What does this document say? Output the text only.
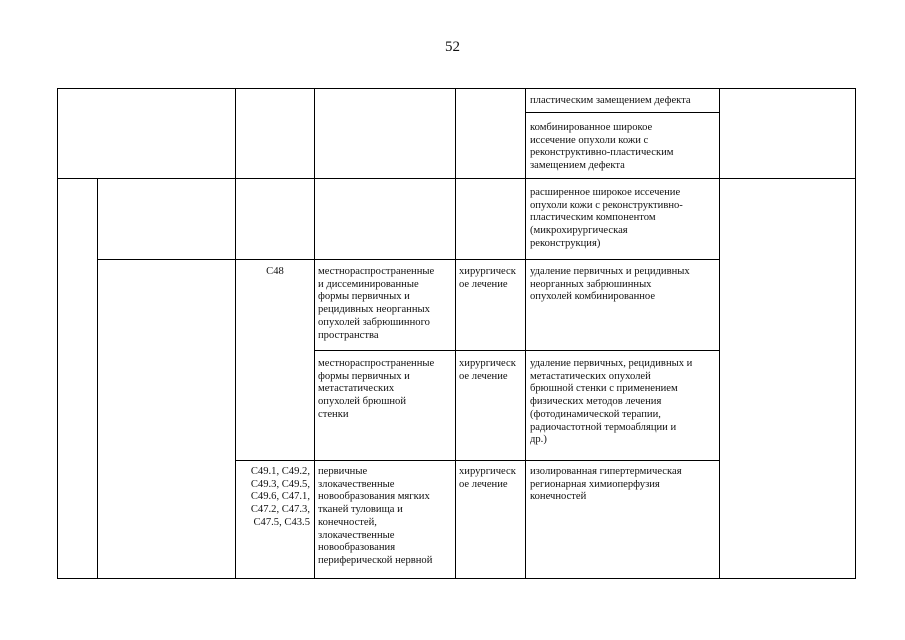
52
пластическим замещением дефекта
комбинированное широкое
иссечение опухоли кожи с
реконструктивно-пластическим
замещением дефекта
расширенное широкое иссечение
опухоли кожи с реконструктивно-
пластическим компонентом
(микрохирургическая
реконструкция)
C48	местнораспространенные
и диссеминированные
формы первичных и
рецидивных неорганных
опухолей забрюшинного
пространства
хирургическ
ое лечение
удаление первичных и рецидивных
неорганных забрюшинных
опухолей комбинированное
местнораспространенные
формы первичных и
метастатических
опухолей брюшной
стенки
хирургическ
ое лечение
удаление первичных, рецидивных и
метастатических опухолей
брюшной стенки с применением
физических методов лечения
(фотодинамической терапии,
радиочастотной термоабляции и
др.)
C49.1, C49.2,
C49.3, C49.5,
C49.6, C47.1,
C47.2, C47.3,
C47.5, C43.5
первичные
злокачественные
новообразования мягких
тканей туловища и
конечностей,
злокачественные
новообразования
периферической нервной
хирургическ
ое лечение
изолированная гипертермическая
регионарная химиоперфузия
конечностей
